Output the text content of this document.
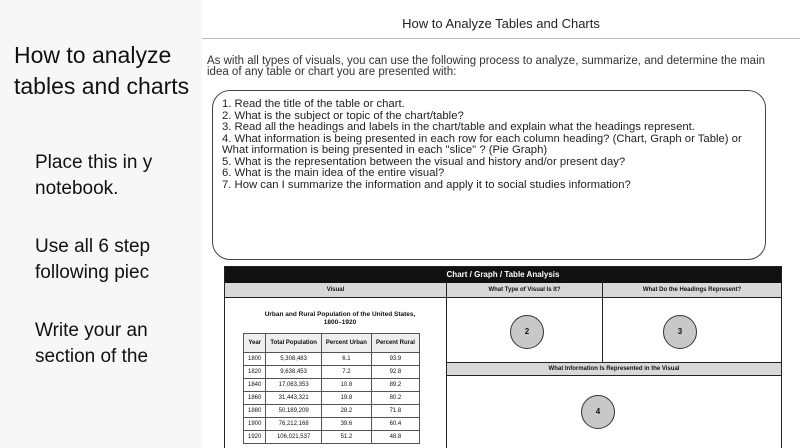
How to Analyze Tables and Charts
As with all types of visuals, you can use the following process to analyze, summarize, and determine the main idea of any table or chart you are presented with:
1. Read the title of the table or chart.
2. What is the subject or topic of the chart/table?
3. Read all the headings and labels in the chart/table and explain what the headings represent.
4. What information is being presented in each row for each column heading? (Chart, Graph or Table) or What information is being presented in each "slice" ? (Pie Graph)
5. What is the representation between the visual and history and/or present day?
6. What is the main idea of the entire visual?
7. How can I summarize the information and apply it to social studies information?
Chart / Graph / Table Analysis
Visual	What Type of Visual Is It?	What Do the Headings Represent?
2	3
What Information Is Represented in the Visual
4
Urban and Rural Population of the United States, 1800–1920
Year	Total Population	Percent Urban	Percent Rural
1800	5,308,483	6.1	93.9
1820	9,638,453	7.2	92.8
1840	17,063,353	10.8	89.2
1860	31,443,321	19.8	80.2
1880	50,189,209	28.2	71.8
1900	76,212,168	39.6	60.4
1920	106,021,537	51.2	48.8
How to analyze tables and charts
Place this in y
notebook.
Use all 6 step
following piec
Write your an
section of the
